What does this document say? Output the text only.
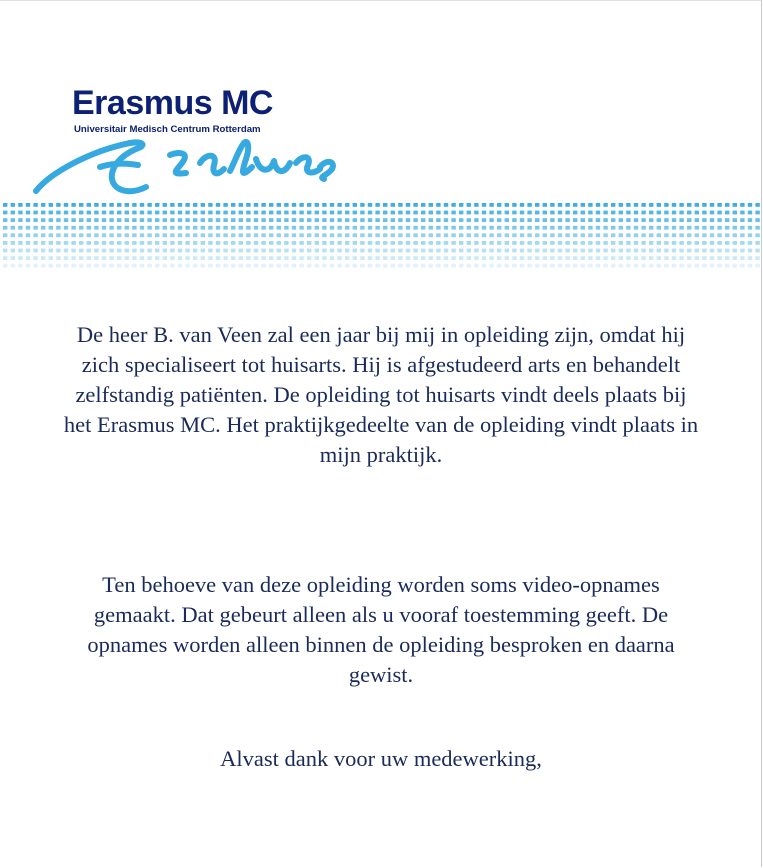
Erasmus MC
Universitair Medisch Centrum Rotterdam

De heer B. van Veen zal een jaar bij mij in opleiding zijn, omdat hij zich specialiseert tot huisarts. Hij is afgestudeerd arts en behandelt zelfstandig patiënten. De opleiding tot huisarts vindt deels plaats bij het Erasmus MC. Het praktijkgedeelte van de opleiding vindt plaats in mijn praktijk.

Ten behoeve van deze opleiding worden soms video-opnames gemaakt. Dat gebeurt alleen als u vooraf toestemming geeft. De opnames worden alleen binnen de opleiding besproken en daarna gewist.

Alvast dank voor uw medewerking,
